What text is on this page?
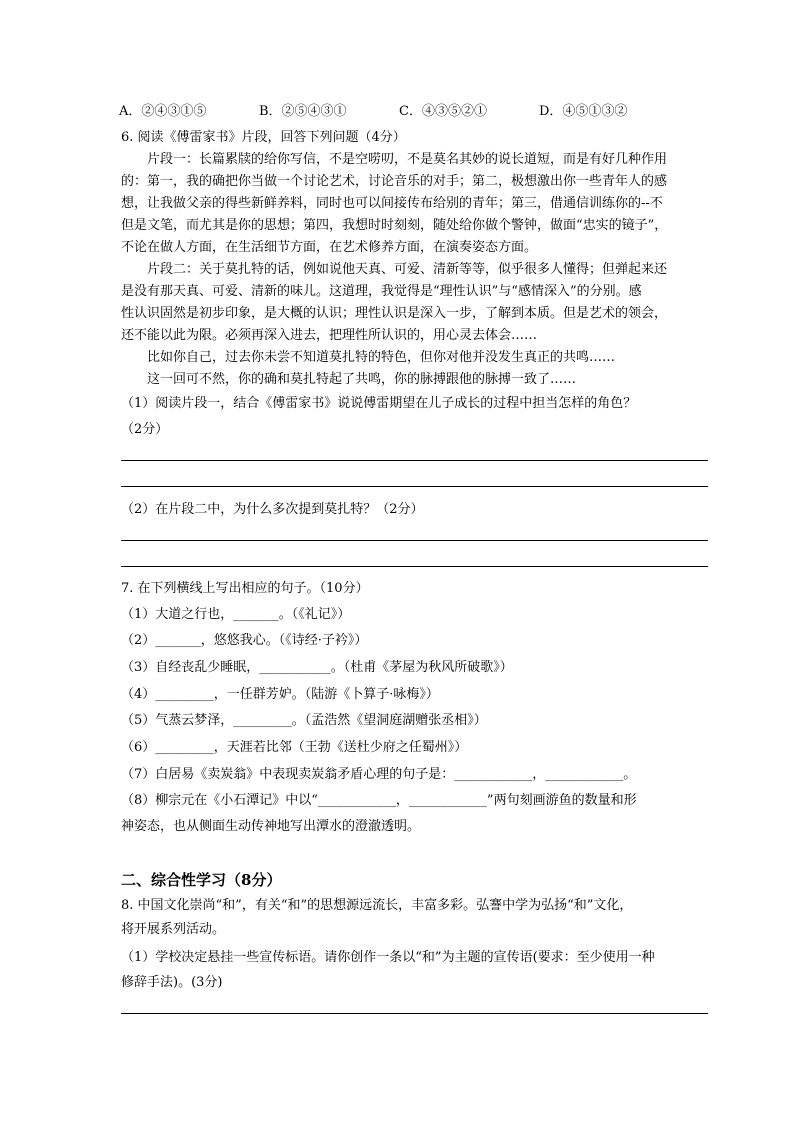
A．②④③①⑤	B．②⑤④③①	C．④③⑤②①	D．④⑤①③②
6. 阅读《傅雷家书》片段，回答下列问题（4分）
片段一：长篇累牍的给你写信，不是空唠叨，不是莫名其妙的说长道短，而是有好几种作用
的：第一，我的确把你当做一个讨论艺术，讨论音乐的对手；第二，极想激出你一些青年人的感
想，让我做父亲的得些新鲜养料，同时也可以间接传布给别的青年；第三，借通信训练你的--不
但是文笔，而尤其是你的思想；第四，我想时时刻刻，随处给你做个警钟，做面“忠实的镜子”，
不论在做人方面，在生活细节方面，在艺术修养方面，在演奏姿态方面。
片段二：关于莫扎特的话，例如说他天真、可爱、清新等等，似乎很多人懂得；但弹起来还
是没有那天真、可爱、清新的味儿。这道理，我觉得是“理性认识”与“感情深入”的分别。感
性认识固然是初步印象，是大概的认识；理性认识是深入一步，了解到本质。但是艺术的领会，
还不能以此为限。必须再深入进去，把理性所认识的，用心灵去体会……
比如你自己，过去你未尝不知道莫扎特的特色，但你对他并没发生真正的共鸣……
这一回可不然，你的确和莫扎特起了共鸣，你的脉搏跟他的脉搏一致了……
（1）阅读片段一，结合《傅雷家书》说说傅雷期望在儿子成长的过程中担当怎样的角色？
（2分）
（2）在片段二中，为什么多次提到莫扎特？（2分）
7. 在下列横线上写出相应的句子。（10分）
（1）大道之行也，_______。（《礼记》）
（2）_______，悠悠我心。（《诗经·子衿》）
（3）自经丧乱少睡眠，___________。（杜甫《茅屋为秋风所破歌》）
（4）_________，一任群芳妒。（陆游《卜算子·咏梅》）
（5）气蒸云梦泽，_________。（孟浩然《望洞庭湖赠张丞相》）
（6）_________，天涯若比邻（王勃《送杜少府之任蜀州》）
（7）白居易《卖炭翁》中表现卖炭翁矛盾心理的句子是：____________，____________。
（8）柳宗元在《小石潭记》中以“____________，____________”两句刻画游鱼的数量和形
神姿态，也从侧面生动传神地写出潭水的澄澈透明。
二、综合性学习（8分）
8. 中国文化崇尚“和”，有关“和”的思想源远流长，丰富多彩。弘謇中学为弘扬“和”文化，
将开展系列活动。
（1）学校决定悬挂一些宣传标语。请你创作一条以“和”为主题的宣传语(要求：至少使用一种
修辞手法)。(3分)
